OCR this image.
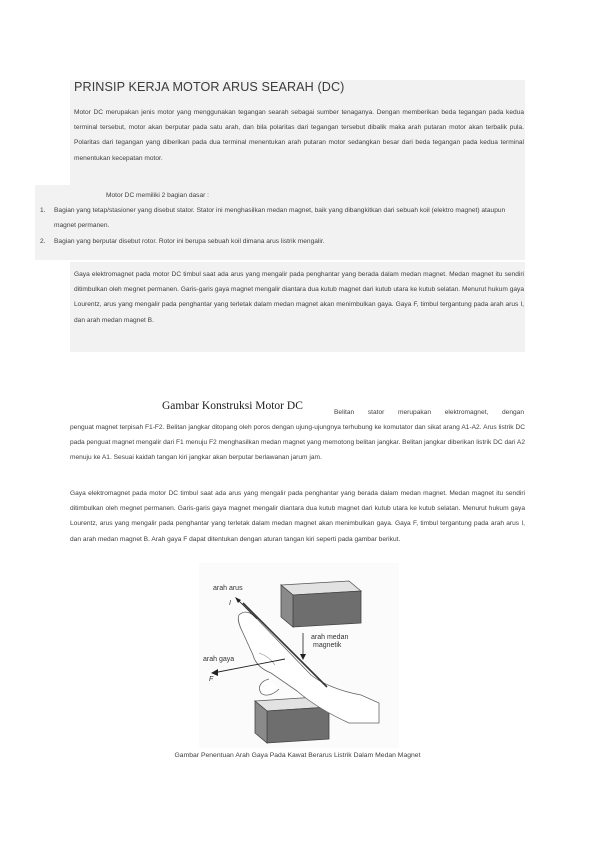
PRINSIP KERJA MOTOR ARUS SEARAH (DC)
Motor DC merupakan jenis motor yang menggunakan tegangan searah sebagai sumber tenaganya. Dengan memberikan beda tegangan pada kedua terminal tersebut, motor akan berputar pada satu arah, dan bila polaritas dari tegangan tersebut dibalik maka arah putaran motor akan terbalik pula. Polaritas dari tegangan yang diberikan pada dua terminal menentukan arah putaran motor sedangkan besar dari beda tegangan pada kedua terminal menentukan kecepatan motor.
Motor DC memiliki 2 bagian dasar :
1. Bagian yang tetap/stasioner yang disebut stator. Stator ini menghasilkan medan magnet, baik yang dibangkitkan dari sebuah koil (elektro magnet) ataupun magnet permanen.
2. Bagian yang berputar disebut rotor. Rotor ini berupa sebuah koil dimana arus listrik mengalir.
Gaya elektromagnet pada motor DC timbul saat ada arus yang mengalir pada penghantar yang berada dalam medan magnet. Medan magnet itu sendiri ditimbulkan oleh megnet permanen. Garis-garis gaya magnet mengalir diantara dua kutub magnet dari kutub utara ke kutub selatan. Menurut hukum gaya Lourentz, arus yang mengalir pada penghantar yang terletak dalam medan magnet akan menimbulkan gaya. Gaya F, timbul tergantung pada arah arus I, dan arah medan magnet B.
Gambar Konstruksi Motor DC
Belitan stator merupakan elektromagnet, dengan
penguat magnet terpisah F1-F2. Belitan jangkar ditopang oleh poros dengan ujung-ujungnya terhubung ke komutator dan sikat arang A1-A2. Arus listrik DC pada penguat magnet mengalir dari F1 menuju F2 menghasilkan medan magnet yang memotong belitan jangkar. Belitan jangkar diberikan listrik DC dari A2 menuju ke A1. Sesuai kaidah tangan kiri jangkar akan berputar berlawanan jarum jam.
Gaya elektromagnet pada motor DC timbul saat ada arus yang mengalir pada penghantar yang berada dalam medan magnet. Medan magnet itu sendiri ditimbulkan oleh megnet permanen. Garis-garis gaya magnet mengalir diantara dua kutub magnet dari kutub utara ke kutub selatan. Menurut hukum gaya Lourentz, arus yang mengalir pada penghantar yang terletak dalam medan magnet akan menimbulkan gaya. Gaya F, timbul tergantung pada arah arus I, dan arah medan magnet B. Arah gaya F dapat ditentukan dengan aturan tangan kiri seperti pada gambar berikut.
arah arus
I
arah medan magnetik
arah gaya
F
Gambar Penentuan Arah Gaya Pada Kawat Berarus Listrik Dalam Medan Magnet
